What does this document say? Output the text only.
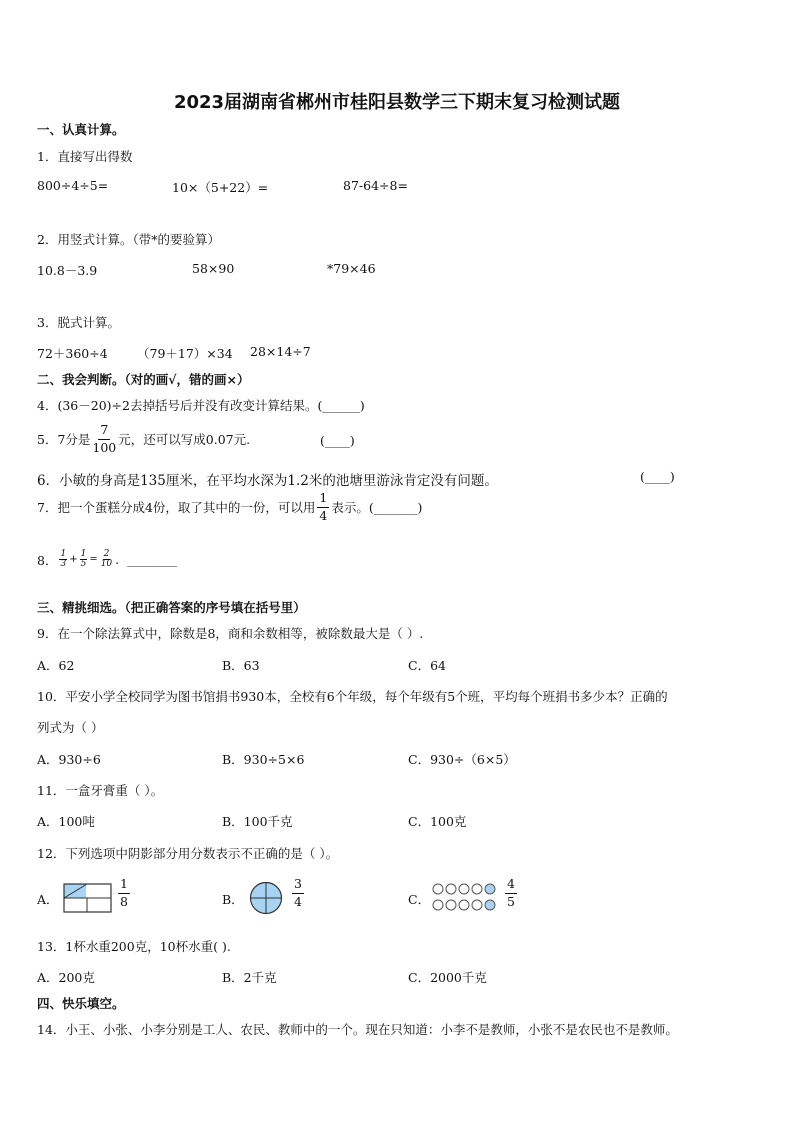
2023届湖南省郴州市桂阳县数学三下期末复习检测试题
一、认真计算。
1．直接写出得数
800÷4÷5=	10×（5+22）=	87-64÷8=
2．用竖式计算。（带*的要验算）
10.8－3.9	58×90	*79×46
3．脱式计算。
72＋360÷4 （79＋17）×34 28×14÷7
二、我会判断。（对的画√，错的画×）
4．(36－20)÷2去掉括号后并没有改变计算结果。(______)
5．7分是 $\frac{7}{100}$ 元，还可以写成0.07元.	(____)
6．小敏的身高是135厘米，在平均水深为1.2米的池塘里游泳肯定没有问题。	(____)
7．把一个蛋糕分成4份，取了其中的一份，可以用 $\frac{1}{4}$ 表示。(_______)
8． $\frac{1}{3} + \frac{1}{5} = \frac{2}{10}$ . ________
三、精挑细选。（把正确答案的序号填在括号里）
9．在一个除法算式中，除数是8，商和余数相等，被除数最大是（ ）.
A．62	B．63	C．64
10．平安小学全校同学为图书馆捐书930本，全校有6个年级，每个年级有5个班，平均每个班捐书多少本？正确的
列式为（ ）
A．930÷6	B．930÷5×6	C．930÷（6×5）
11．一盒牙膏重（ ）。
A．100吨	B．100千克	C．100克
12．下列选项中阴影部分用分数表示不正确的是（ ）。
A．	$\frac{1}{8}$	B．	$\frac{3}{4}$	C．	$\frac{4}{5}$
13．1杯水重200克，10杯水重( ).
A．200克	B．2千克	C．2000千克
四、快乐填空。
14．小王、小张、小李分别是工人、农民、教师中的一个。现在只知道：小李不是教师，小张不是农民也不是教师。
